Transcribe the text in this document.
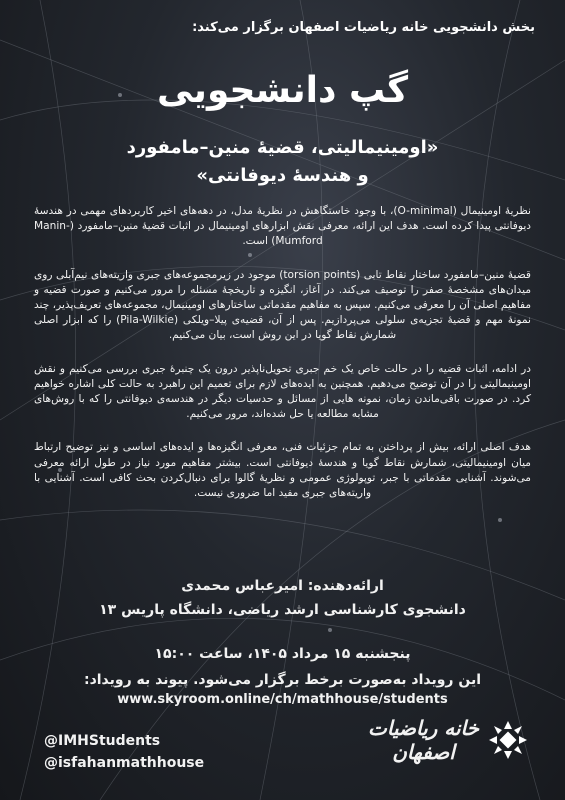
بخش دانشجویی خانه ریاضیات اصفهان برگزار می‌کند:
گپ دانشجویی
«اومینیمالیتی، قضیهٔ منین–مامفورد
و هندسهٔ دیوفانتی»

نظریهٔ اومینیمال (O-minimal)، با وجود خاستگاهش در نظریهٔ مدل، در دهه‌های اخیر کاربردهای مهمی در هندسهٔ دیوفانتی پیدا کرده است. هدف این ارائه، معرفی نقش ابزارهای اومینیمال در اثبات قضیهٔ منین–مامفورد (Manin-Mumford) است.

قضیهٔ منین–مامفورد ساختار نقاط تابی (torsion points) موجود در زیرمجموعه‌های جبری واریته‌های نیم‌آبلی روی میدان‌های مشخصهٔ صفر را توصیف می‌کند. در آغاز، انگیزه و تاریخچهٔ مسئله را مرور می‌کنیم و صورت قضیه و مفاهیم اصلی آن را معرفی می‌کنیم. سپس به مفاهیم مقدماتی ساختارهای اومینیمال، مجموعه‌های تعریف‌پذیر، چند نمونهٔ مهم و قضیهٔ تجزیه‌ی سلولی می‌پردازیم. پس از آن، قضیه‌ی پیلا–ویلکی (Pila-Wilkie) را که ابزار اصلی شمارش نقاط گویا در این روش است، بیان می‌کنیم.

در ادامه، اثبات قضیه را در حالت خاص یک خم جبری تحویل‌ناپذیر درون یک چنبرهٔ جبری بررسی می‌کنیم و نقش اومینیمالیتی را در آن توضیح می‌دهیم. همچنین به ایده‌های لازم برای تعمیم این راهبرد به حالت کلی اشاره خواهیم کرد. در صورت باقی‌ماندن زمان، نمونه هایی از مسائل و حدسیات دیگر در هندسه‌ی دیوفانتی را که با روش‌های مشابه مطالعه یا حل شده‌اند، مرور می‌کنیم.

هدف اصلی ارائه، بیش از پرداختن به تمام جزئیات فنی، معرفی انگیزه‌ها و ایده‌های اساسی و نیز توضیح ارتباط میان اومینیمالیتی، شمارش نقاط گویا و هندسهٔ دیوفانتی است. بیشتر مفاهیم مورد نیاز در طول ارائه معرفی می‌شوند. آشنایی مقدماتی با جبر، توپولوژی عمومی و نظریهٔ گالوا برای دنبال‌کردن بحث کافی است. آشنایی با واریته‌های جبری مفید اما ضروری نیست.

ارائه‌دهنده: امیرعباس محمدی
دانشجوی کارشناسی ارشد ریاضی، دانشگاه پاریس ۱۳
پنجشنبه ۱۵ مرداد ۱۴۰۵، ساعت ۱۵:۰۰
این رویداد به‌صورت برخط برگزار می‌شود. پیوند به رویداد:
www.skyroom.online/ch/mathhouse/students
@IMHStudents
@isfahanmathhouse
خانه ریاضیات
اصفهان
